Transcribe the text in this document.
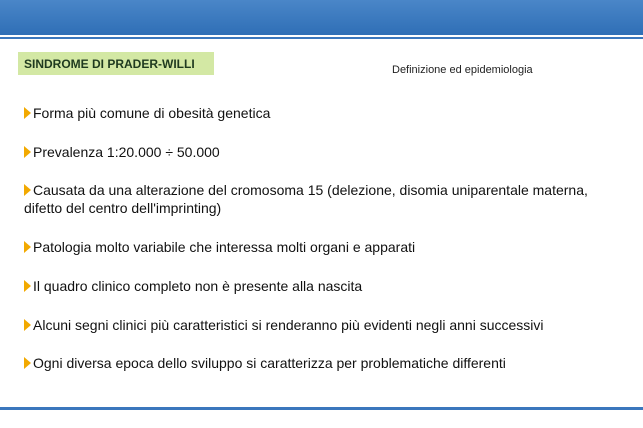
SINDROME DI PRADER-WILLI	Definizione ed epidemiologia
Forma più comune di obesità genetica
Prevalenza 1:20.000 ÷ 50.000
Causata da una alterazione del cromosoma 15 (delezione, disomia uniparentale materna, difetto del centro dell'imprinting)
Patologia molto variabile che interessa molti organi e apparati
Il quadro clinico completo non è presente alla nascita
Alcuni segni clinici più caratteristici si renderanno più evidenti negli anni successivi
Ogni diversa epoca dello sviluppo si caratterizza per problematiche differenti
